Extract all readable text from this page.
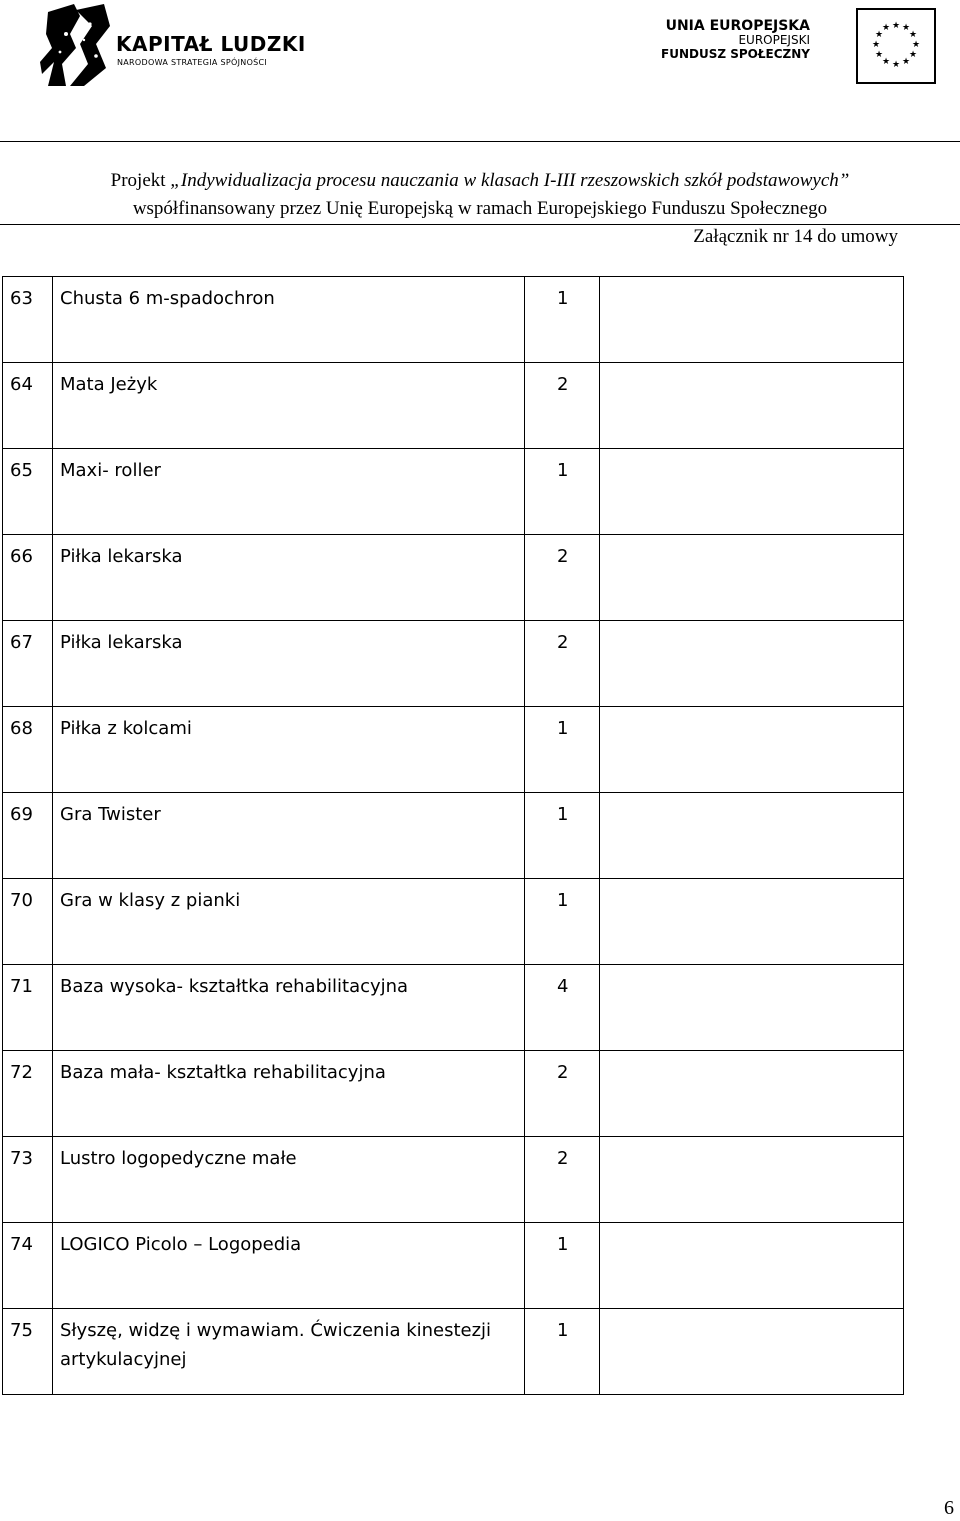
KAPITAŁ LUDZKI
NARODOWA STRATEGIA SPÓJNOŚCI
UNIA EUROPEJSKA
EUROPEJSKI
FUNDUSZ SPOŁECZNY
★ ★
★
★
★
★
★
★
★
★
★
★
Projekt „Indywidualizacja procesu nauczania w klasach I-III rzeszowskich szkół podstawowych”
współfinansowany przez Unię Europejską w ramach Europejskiego Funduszu Społecznego
Załącznik nr 14 do umowy
63	Chusta 6 m-spadochron	1	

64	Mata Jeżyk	2	

65	Maxi- roller	1	

66	Piłka lekarska	2	

67	Piłka lekarska	2	

68	Piłka z kolcami	1	

69	Gra Twister	1	

70	Gra w klasy z pianki	1	

71	Baza wysoka- kształtka rehabilitacyjna	4	

72	Baza mała- kształtka rehabilitacyjna	2	

73	Lustro logopedyczne małe	2	

74	LOGICO Picolo – Logopedia	1	

75	Słyszę, widzę i wymawiam. Ćwiczenia kinestezji artykulacyjnej	1	

6
